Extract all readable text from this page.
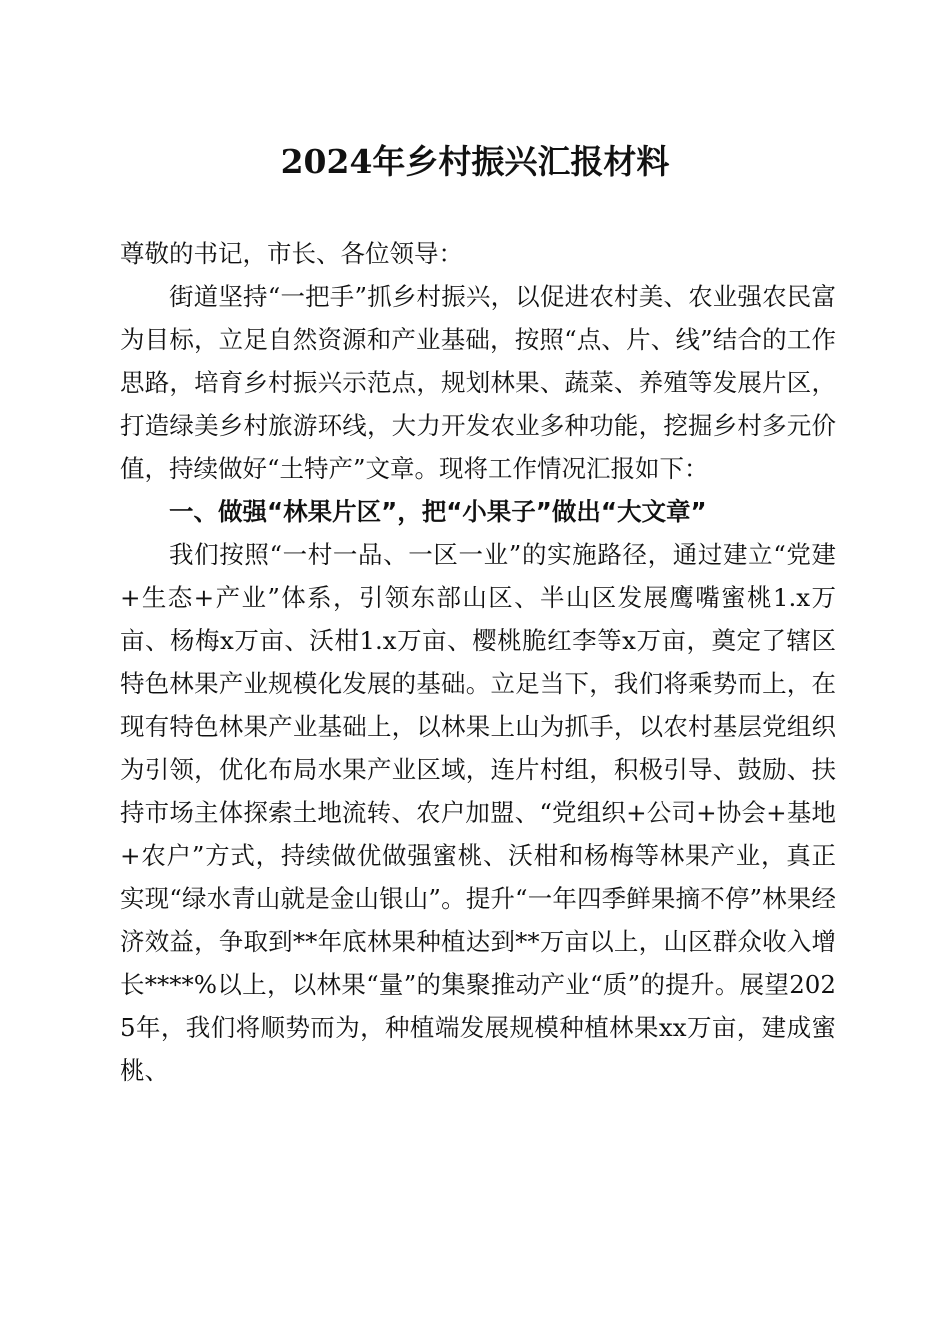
2024年乡村振兴汇报材料

尊敬的书记，市长、各位领导：

街道坚持“一把手”抓乡村振兴，以促进农村美、农业强农民富为目标，立足自然资源和产业基础，按照“点、片、线”结合的工作思路，培育乡村振兴示范点，规划林果、蔬菜、养殖等发展片区，打造绿美乡村旅游环线，大力开发农业多种功能，挖掘乡村多元价值，持续做好“土特产”文章。现将工作情况汇报如下：

一、做强“林果片区”，把“小果子”做出“大文章”

我们按照“一村一品、一区一业”的实施路径，通过建立“党建+生态+产业”体系，引领东部山区、半山区发展鹰嘴蜜桃1.x万亩、杨梅x万亩、沃柑1.x万亩、樱桃脆红李等x万亩，奠定了辖区特色林果产业规模化发展的基础。立足当下，我们将乘势而上，在现有特色林果产业基础上，以林果上山为抓手，以农村基层党组织为引领，优化布局水果产业区域，连片村组，积极引导、鼓励、扶持市场主体探索土地流转、农户加盟、“党组织+公司+协会+基地+农户”方式，持续做优做强蜜桃、沃柑和杨梅等林果产业，真正实现“绿水青山就是金山银山”。提升“一年四季鲜果摘不停”林果经济效益，争取到**年底林果种植达到**万亩以上，山区群众收入增长****%以上，以林果“量”的集聚推动产业“质”的提升。展望2025年，我们将顺势而为，种植端发展规模种植林果xx万亩，建成蜜桃、
